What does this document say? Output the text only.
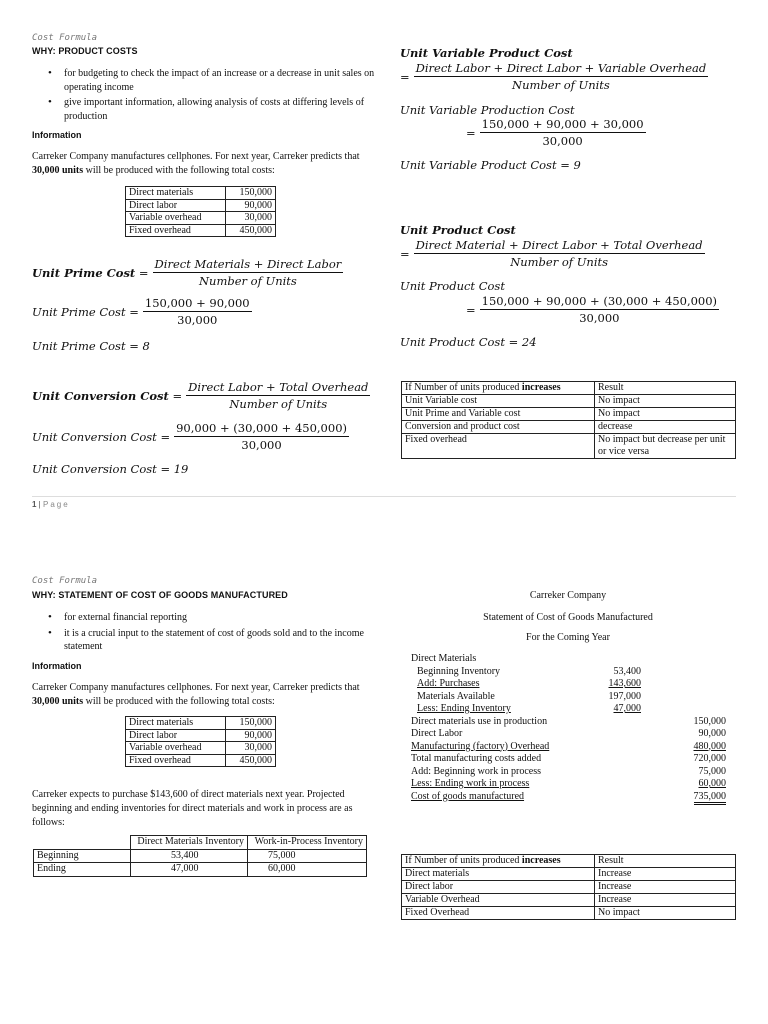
Cost Formula
WHY: PRODUCT COSTS
• for budgeting to check the impact of an increase or a decrease in unit sales on operating income
• give important information, allowing analysis of costs at differing levels of production
Information
Carreker Company manufactures cellphones. For next year, Carreker predicts that 30,000 units will be produced with the following total costs:
Direct materials	150,000
Direct labor	90,000
Variable overhead	30,000
Fixed overhead	450,000
Unit Prime Cost = $\frac{\text{Direct Materials + Direct Labor}}{\text{Number of Units}}$
Unit Prime Cost = $\frac{150,000 + 90,000}{30,000}$
Unit Prime Cost = 8
Unit Conversion Cost = $\frac{\text{Direct Labor + Total Overhead}}{\text{Number of Units}}$
Unit Conversion Cost = $\frac{90,000 + (30,000 + 450,000)}{30,000}$
Unit Conversion Cost = 19
Unit Variable Product Cost
= $\frac{\text{Direct Labor + Direct Labor + Variable Overhead}}{\text{Number of Units}}$
Unit Variable Production Cost
= $\frac{150,000 + 90,000 + 30,000}{30,000}$
Unit Variable Product Cost = 9
Unit Product Cost
= $\frac{\text{Direct Material + Direct Labor + Total Overhead}}{\text{Number of Units}}$
Unit Product Cost
= $\frac{150,000 + 90,000 + (30,000 + 450,000)}{30,000}$
Unit Product Cost = 24
If Number of units produced increases	Result
Unit Variable cost	No impact
Unit Prime and Variable cost	No impact
Conversion and product cost	decrease
Fixed overhead	No impact but decrease per unit or vice versa
1 | Page
Cost Formula
WHY: STATEMENT OF COST OF GOODS MANUFACTURED
• for external financial reporting
• it is a crucial input to the statement of cost of goods sold and to the income statement
Information
Carreker Company manufactures cellphones. For next year, Carreker predicts that 30,000 units will be produced with the following total costs:
Direct materials	150,000
Direct labor	90,000
Variable overhead	30,000
Fixed overhead	450,000
Carreker expects to purchase $143,600 of direct materials next year. Projected beginning and ending inventories for direct materials and work in process are as follows:
	Direct Materials Inventory	Work-in-Process Inventory
Beginning	53,400	75,000
Ending	47,000	60,000
Carreker Company
Statement of Cost of Goods Manufactured
For the Coming Year
Direct Materials		
Beginning Inventory	53,400	
Add: Purchases	143,600	
Materials Available	197,000	
Less: Ending Inventory	47,000	
Direct materials use in production		150,000
Direct Labor		90,000
Manufacturing (factory) Overhead		480,000
Total manufacturing costs added		720,000
Add: Beginning work in process		75,000
Less: Ending work in process		60,000
Cost of goods manufactured		735,000
If Number of units produced increases	Result
Direct materials	Increase
Direct labor	Increase
Variable Overhead	Increase
Fixed Overhead	No impact
